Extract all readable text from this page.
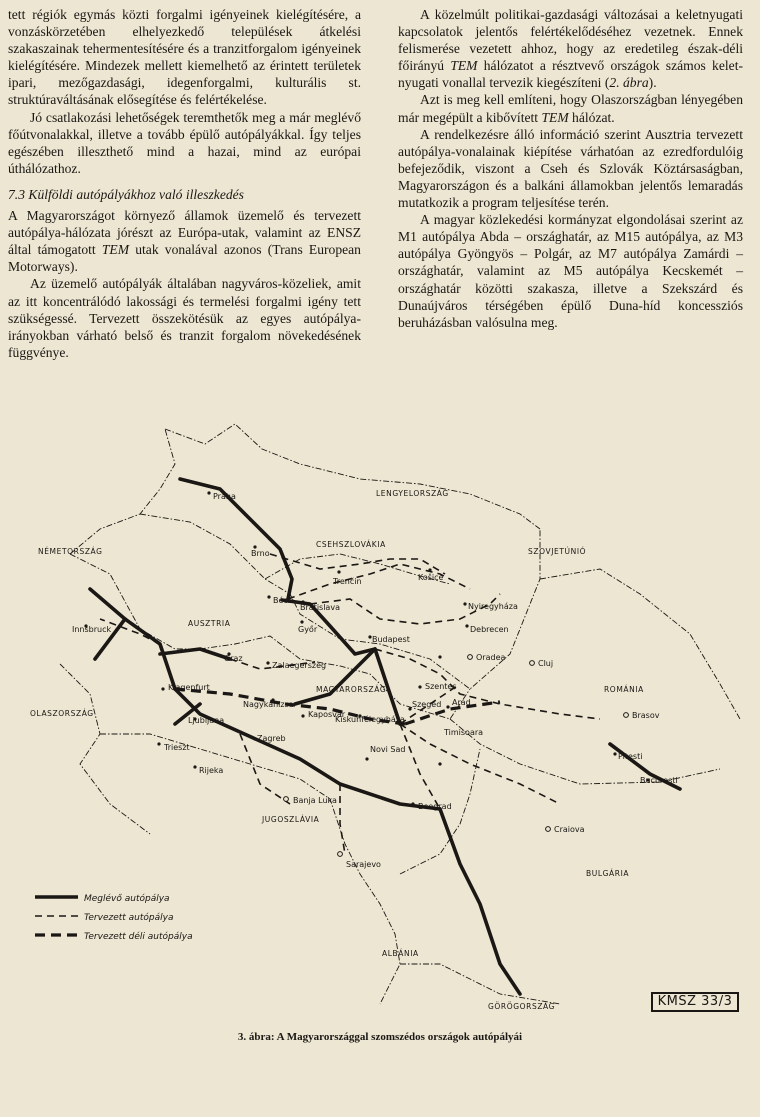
tett régiók egymás közti forgalmi igényeinek kielégítésére, a vonzáskörzetében elhelyezkedő települések átkelési szakaszainak tehermentesítésére és a tranzitforgalom igényeinek kielégítésére. Mindezek mellett kiemelhető az érintett területek ipari, mezőgazdasági, idegenforgalmi, kulturális st. struktúraváltásának elősegítése és felértékelése.

Jó csatlakozási lehetőségek teremthetők meg a már meglévő főútvonalakkal, illetve a tovább épülő autópályákkal. Így teljes egészében illeszthető mind a hazai, mind az európai úthálózathoz.

7.3 Külföldi autópályákhoz való illeszkedés

A Magyarországot környező államok üzemelő és tervezett autópálya-hálózata jórészt az Európa-utak, valamint az ENSZ által támogatott TEM utak vonalával azonos (Trans European Motorways).

Az üzemelő autópályák általában nagyváros-közeliek, amit az itt koncentrálódó lakossági és termelési forgalmi igény tett szükségessé. Tervezett összekötésük az egyes autópálya-irányokban várható belső és tranzit forgalom növekedésének függvénye.

A közelmúlt politikai-gazdasági változásai a keletnyugati kapcsolatok jelentős felértékelődéséhez vezetnek. Ennek felismerése vezetett ahhoz, hogy az eredetileg észak-déli főirányú TEM hálózatot a résztvevő országok számos kelet-nyugati vonallal tervezik kiegészíteni (2. ábra).

Azt is meg kell említeni, hogy Olaszországban lényegében már megépült a kibővített TEM hálózat.

A rendelkezésre álló információ szerint Ausztria tervezett autópálya-vonalainak kiépítése várhatóan az ezredfordulóig befejeződik, viszont a Cseh és Szlovák Köztársaságban, Magyarországon és a balkáni államokban jelentős lemaradás mutatkozik a program teljesítése terén.

A magyar közlekedési kormányzat elgondolásai szerint az M1 autópálya Abda – országhatár, az M15 autópálya, az M3 autópálya Gyöngyös – Polgár, az M7 autópálya Zamárdi – országhatár, valamint az M5 autópálya Kecskemét – országhatár közötti szakasza, illetve a Szekszárd és Dunaújváros térségében épülő Duna-híd koncessziós beruházásban valósulna meg.

LENGYELORSZÁG
CSEHSZLOVÁKIA
SZOVJETÚNIÓ
NÉMETORSZÁG
AUSZTRIA
MAGYARORSZÁG	ROMÁNIA
OLASZORSZÁG
JUGOSZLÁVIA
BULGÁRIA
ALBÁNIA
GÖRÖGORSZÁG
Praha
Brno
Trenčin	Košice
Bécs
Bratislava	Nyiregyháza
Debrecen
Győr
Budapest
Oradea
Cluj
Innsbruck
Graz
Zalaegerszeg
Klagenfurt
Nagykanizsa
Ljubljana
Kaposvár
Kiskunfélegyháza
Szentes
Szeged Arad
Brasov
Trieszt
Zagreb
Novi Sad
Timisoara
Pitesti
Bucuresti
Rijeka
Beograd
Banja Luka
Craiova
Sarajevo
Meglévő autópálya
Tervezett autópálya
Tervezett déli autópálya
KMSZ 33/3
3. ábra: A Magyarországgal szomszédos országok autópályái
